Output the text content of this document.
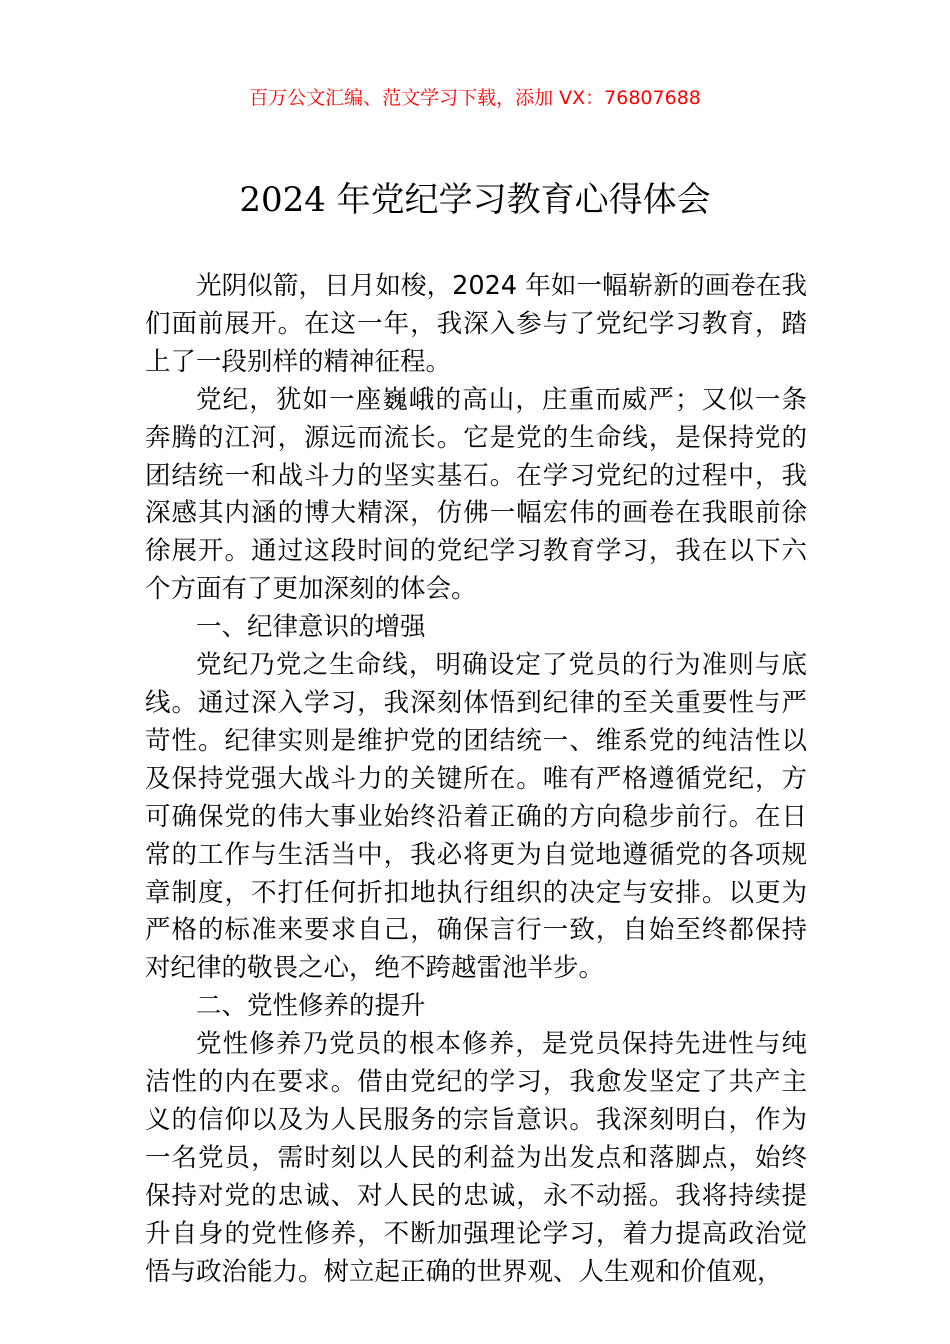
百万公文汇编、范文学习下载，添加 VX：76807688
2024 年党纪学习教育心得体会

光阴似箭，日月如梭，2024 年如一幅崭新的画卷在我们面前展开。在这一年，我深入参与了党纪学习教育，踏上了一段别样的精神征程。

党纪，犹如一座巍峨的高山，庄重而威严；又似一条奔腾的江河，源远而流长。它是党的生命线，是保持党的团结统一和战斗力的坚实基石。在学习党纪的过程中，我深感其内涵的博大精深，仿佛一幅宏伟的画卷在我眼前徐徐展开。通过这段时间的党纪学习教育学习，我在以下六个方面有了更加深刻的体会。

一、纪律意识的增强

党纪乃党之生命线，明确设定了党员的行为准则与底线。通过深入学习，我深刻体悟到纪律的至关重要性与严苛性。纪律实则是维护党的团结统一、维系党的纯洁性以及保持党强大战斗力的关键所在。唯有严格遵循党纪，方可确保党的伟大事业始终沿着正确的方向稳步前行。在日常的工作与生活当中，我必将更为自觉地遵循党的各项规章制度，不打任何折扣地执行组织的决定与安排。以更为严格的标准来要求自己，确保言行一致，自始至终都保持对纪律的敬畏之心，绝不跨越雷池半步。

二、党性修养的提升

党性修养乃党员的根本修养，是党员保持先进性与纯洁性的内在要求。借由党纪的学习，我愈发坚定了共产主义的信仰以及为人民服务的宗旨意识。我深刻明白，作为一名党员，需时刻以人民的利益为出发点和落脚点，始终保持对党的忠诚、对人民的忠诚，永不动摇。我将持续提升自身的党性修养，不断加强理论学习，着力提高政治觉悟与政治能力。树立起正确的世界观、人生观和价值观，
